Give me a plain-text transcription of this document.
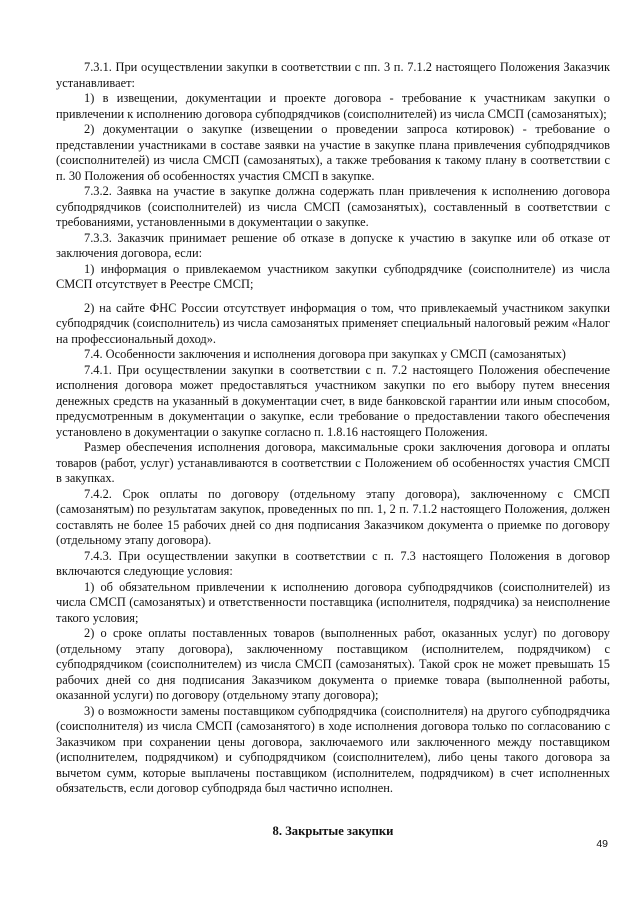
7.3.1. При осуществлении закупки в соответствии с пп. 3 п. 7.1.2 настоящего Положения Заказчик устанавливает:

1) в извещении, документации и проекте договора - требование к участникам закупки о привлечении к исполнению договора субподрядчиков (соисполнителей) из числа СМСП (самозанятых);

2) документации о закупке (извещении о проведении запроса котировок) - требование о представлении участниками в составе заявки на участие в закупке плана привлечения субподрядчиков (соисполнителей) из числа СМСП (самозанятых), а также требования к такому плану в соответствии с п. 30 Положения об особенностях участия СМСП в закупке.

7.3.2. Заявка на участие в закупке должна содержать план привлечения к исполнению договора субподрядчиков (соисполнителей) из числа СМСП (самозанятых), составленный в соответствии с требованиями, установленными в документации о закупке.

7.3.3. Заказчик принимает решение об отказе в допуске к участию в закупке или об отказе от заключения договора, если:

1) информация о привлекаемом участником закупки субподрядчике (соисполнителе) из числа СМСП отсутствует в Реестре СМСП;

2) на сайте ФНС России отсутствует информация о том, что привлекаемый участником закупки субподрядчик (соисполнитель) из числа самозанятых применяет специальный налоговый режим «Налог на профессиональный доход».

7.4. Особенности заключения и исполнения договора при закупках у СМСП (самозанятых)

7.4.1. При осуществлении закупки в соответствии с п. 7.2 настоящего Положения обеспечение исполнения договора может предоставляться участником закупки по его выбору путем внесения денежных средств на указанный в документации счет, в виде банковской гарантии или иным способом, предусмотренным в документации о закупке, если требование о предоставлении такого обеспечения установлено в документации о закупке согласно п. 1.8.16 настоящего Положения.

Размер обеспечения исполнения договора, максимальные сроки заключения договора и оплаты товаров (работ, услуг) устанавливаются в соответствии с Положением об особенностях участия СМСП в закупках.

7.4.2. Срок оплаты по договору (отдельному этапу договора), заключенному с СМСП (самозанятым) по результатам закупок, проведенных по пп. 1, 2 п. 7.1.2 настоящего Положения, должен составлять не более 15 рабочих дней со дня подписания Заказчиком документа о приемке по договору (отдельному этапу договора).

7.4.3. При осуществлении закупки в соответствии с п. 7.3 настоящего Положения в договор включаются следующие условия:

1) об обязательном привлечении к исполнению договора субподрядчиков (соисполнителей) из числа СМСП (самозанятых) и ответственности поставщика (исполнителя, подрядчика) за неисполнение такого условия;

2) о сроке оплаты поставленных товаров (выполненных работ, оказанных услуг) по договору (отдельному этапу договора), заключенному поставщиком (исполнителем, подрядчиком) с субподрядчиком (соисполнителем) из числа СМСП (самозанятых). Такой срок не может превышать 15 рабочих дней со дня подписания Заказчиком документа о приемке товара (выполненной работы, оказанной услуги) по договору (отдельному этапу договора);

3) о возможности замены поставщиком субподрядчика (соисполнителя) на другого субподрядчика (соисполнителя) из числа СМСП (самозанятого) в ходе исполнения договора только по согласованию с Заказчиком при сохранении цены договора, заключаемого или заключенного между поставщиком (исполнителем, подрядчиком) и субподрядчиком (соисполнителем), либо цены такого договора за вычетом сумм, которые выплачены поставщиком (исполнителем, подрядчиком) в счет исполненных обязательств, если договор субподряда был частично исполнен.

8. Закрытые закупки
49
